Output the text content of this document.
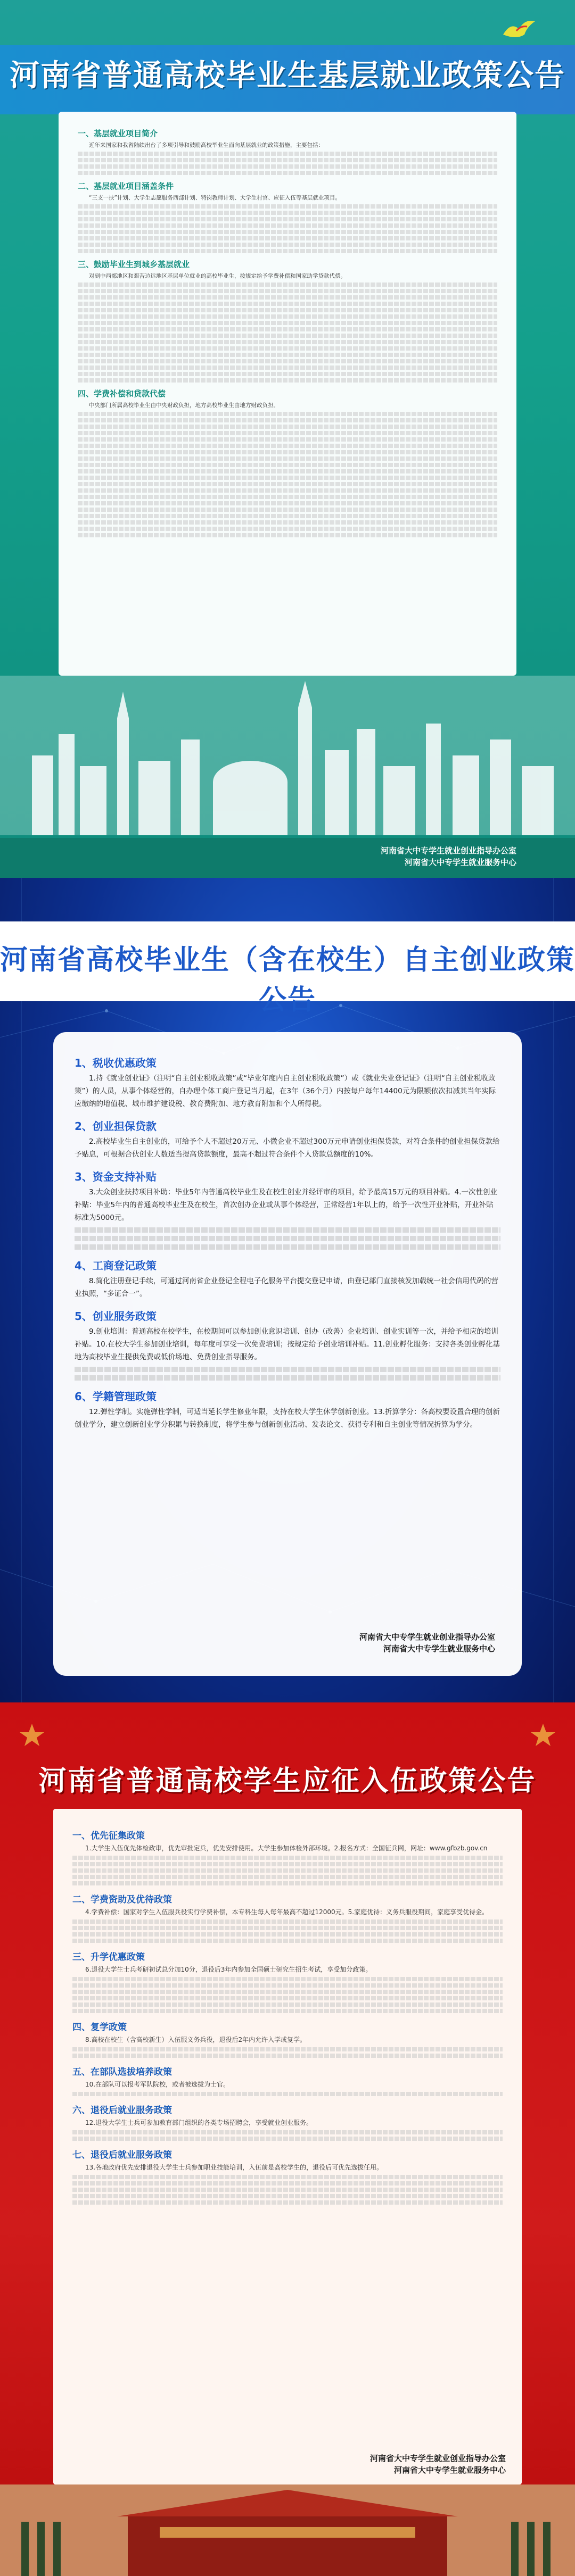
河南省普通高校毕业生基层就业政策公告
一、基层就业项目简介
近年来国家和我省陆续出台了多项引导和鼓励高校毕业生面向基层就业的政策措施，主要包括：
二、基层就业项目涵盖条件
“三支一扶”计划、大学生志愿服务西部计划、特岗教师计划、大学生村官、应征入伍等基层就业项目。
三、鼓励毕业生到城乡基层就业
对到中西部地区和艰苦边远地区基层单位就业的高校毕业生，按规定给予学费补偿和国家助学贷款代偿。
四、学费补偿和贷款代偿
中央部门所属高校毕业生由中央财政负担，地方高校毕业生由地方财政负担。
河南省大中专学生就业创业指导办公室
河南省大中专学生就业服务中心
河南省高校毕业生（含在校生）自主创业政策公告
1、税收优惠政策
1.持《就业创业证》（注明“自主创业税收政策”或“毕业年度内自主创业税收政策”）或《就业失业登记证》（注明“自主创业税收政策”）的人员，从事个体经营的，自办理个体工商户登记当月起，在3年（36个月）内按每户每年14400元为限额依次扣减其当年实际应缴纳的增值税、城市维护建设税、教育费附加、地方教育附加和个人所得税。
2、创业担保贷款
2.高校毕业生自主创业的，可给予个人不超过20万元、小微企业不超过300万元申请创业担保贷款，对符合条件的创业担保贷款给予贴息，可根据合伙创业人数适当提高贷款额度，最高不超过符合条件个人贷款总额度的10%。
3、资金支持补贴
3.大众创业扶持项目补助：毕业5年内普通高校毕业生及在校生创业并经评审的项目，给予最高15万元的项目补贴。4.一次性创业补贴：毕业5年内的普通高校毕业生及在校生，首次创办企业或从事个体经营，正常经营1年以上的，给予一次性开业补贴，开业补贴标准为5000元。
4、工商登记政策
8.简化注册登记手续，可通过河南省企业登记全程电子化服务平台提交登记申请，由登记部门直接核发加载统一社会信用代码的营业执照，“多证合一”。
5、创业服务政策
9.创业培训：普通高校在校学生，在校期间可以参加创业意识培训、创办（改善）企业培训、创业实训等一次，并给予相应的培训补贴。10.在校大学生参加创业培训，每年度可享受一次免费培训；按规定给予创业培训补贴。11.创业孵化服务：支持各类创业孵化基地为高校毕业生提供免费或低价场地、免费创业指导服务。
6、学籍管理政策
12.弹性学制。实施弹性学制，可适当延长学生修业年限，支持在校大学生休学创新创业。13.折算学分：各高校要设置合理的创新创业学分，建立创新创业学分积累与转换制度，将学生参与创新创业活动、发表论文、获得专利和自主创业等情况折算为学分。
河南省大中专学生就业创业指导办公室
河南省大中专学生就业服务中心
河南省普通高校学生应征入伍政策公告
一、优先征集政策
1.大学生入伍优先体检政审，优先审批定兵，优先安排使用。大学生参加体检外部环境。2.报名方式：全国征兵网，网址：www.gfbzb.gov.cn
二、学费资助及优待政策
4.学费补偿：国家对学生入伍服兵役实行学费补偿，本专科生每人每年最高不超过12000元。5.家庭优待：义务兵服役期间，家庭享受优待金。
三、升学优惠政策
6.退役大学生士兵考研初试总分加10分，退役后3年内参加全国硕士研究生招生考试，享受加分政策。
四、复学政策
8.高校在校生（含高校新生）入伍服义务兵役，退役后2年内允许入学或复学。
五、在部队选拔培养政策
10.在部队可以报考军队院校，或者被选拔为士官。
六、退役后就业服务政策
12.退役大学生士兵可参加教育部门组织的各类专场招聘会，享受就业创业服务。
七、退役后就业服务政策
13.各地政府优先安排退役大学生士兵参加职业技能培训，入伍前是高校学生的，退役后可优先选拔任用。
河南省大中专学生就业创业指导办公室
河南省大中专学生就业服务中心
